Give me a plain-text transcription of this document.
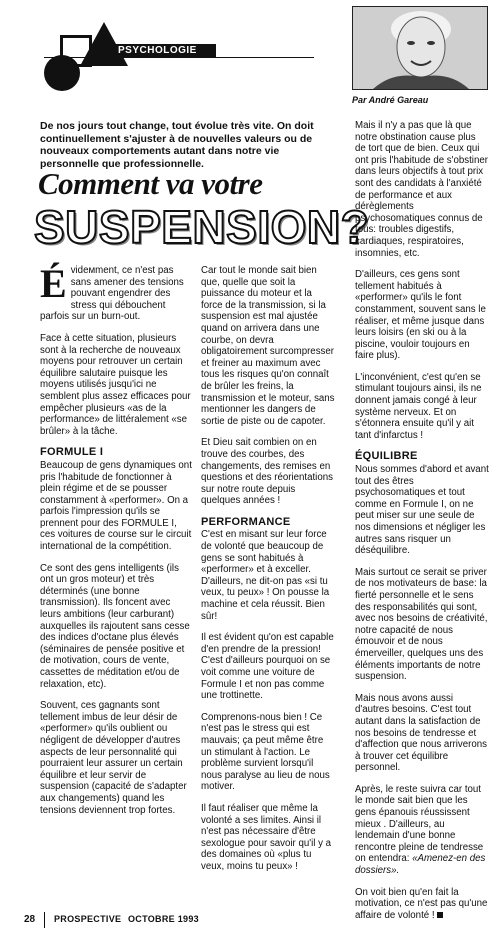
PSYCHOLOGIE
Par André Gareau
De nos jours tout change, tout évolue très vite. On doit continuellement s'ajuster à de nouvelles valeurs ou de nouveaux comportements autant dans notre vie personnelle que professionnelle.
Comment va votre
SUSPENSION?

Évidемment, ce n'est pas sans amener des tensions pouvant engendrer des stress qui débouchent parfois sur un burn-out.

Face à cette situation, plusieurs sont à la recherche de nouveaux moyens pour retrouver un certain équilibre salutaire puisque les moyens utilisés jusqu'ici ne semblent plus assez efficaces pour empêcher plusieurs «as de la performance» de littéralement «se brûler» à la tâche.

FORMULE I

Beaucoup de gens dynamiques ont pris l'habitude de fonctionner à plein régime et de se pousser constamment à «performer». On a parfois l'impression qu'ils se prennent pour des FORMULE I, ces voitures de course sur le circuit international de la compétition.

Ce sont des gens intelligents (ils ont un gros moteur) et très déterminés (une bonne transmission). Ils foncent avec leurs ambitions (leur carburant) auxquelles ils rajoutent sans cesse des indices d'octane plus élevés (séminaires de pensée positive et de motivation, cours de vente, cassettes de méditation et/ou de relaxation, etc).

Souvent, ces gagnants sont tellement imbus de leur désir de «performer» qu'ils oublient ou négligent de développer d'autres aspects de leur personnalité qui pourraient leur assurer un certain équilibre et leur servir de suspension (capacité de s'adapter aux changements) quand les tensions deviennent trop fortes.

Car tout le monde sait bien que, quelle que soit la puissance du moteur et la force de la transmission, si la suspension est mal ajustée quand on arrivera dans une courbe, on devra obligatoirement surcompresser et freiner au maximum avec tous les risques qu'on connaît de brûler les freins, la transmission et le moteur, sans mentionner les dangers de sortie de piste ou de capoter.

Et Dieu sait combien on en trouve des courbes, des changements, des remises en questions et des réorientations sur notre route depuis quelques années !

PERFORMANCE

C'est en misant sur leur force de volonté que beaucoup de gens se sont habitués à «performer» et à exceller. D'ailleurs, ne dit-on pas «si tu veux, tu peux» ! On pousse la machine et cela réussit. Bien sûr!

Il est évident qu'on est capable d'en prendre de la pression! C'est d'ailleurs pourquoi on se voit comme une voiture de Formule I et non pas comme une trottinette.

Comprenons-nous bien ! Ce n'est pas le stress qui est mauvais; ça peut même être un stimulant à l'action. Le problème survient lorsqu'il nous paralyse au lieu de nous motiver.

Il faut réaliser que même la volonté a ses limites. Ainsi il n'est pas nécessaire d'être sexologue pour savoir qu'il y a des domaines où «plus tu veux, moins tu peux» !

Mais il n'y a pas que là que notre obstination cause plus de tort que de bien. Ceux qui ont pris l'habitude de s'obstiner dans leurs objectifs à tout prix sont des candidats à l'anxiété de performance et aux dérèglements psychosomatiques connus de tous: troubles digestifs, cardiaques, respiratoires, insomnies, etc.

D'ailleurs, ces gens sont tellement habitués à «performer» qu'ils le font constamment, souvent sans le réaliser, et même jusque dans leurs loisirs (en ski ou à la piscine, vouloir toujours en faire plus).

L'inconvénient, c'est qu'en se stimulant toujours ainsi, ils ne donnent jamais congé à leur système nerveux. Et on s'étonnera ensuite qu'il y ait tant d'infarctus !

ÉQUILIBRE

Nous sommes d'abord et avant tout des êtres psychosomatiques et tout comme en Formule I, on ne peut miser sur une seule de nos dimensions et négliger les autres sans risquer un déséquilibre.

Mais surtout ce serait se priver de nos motivateurs de base: la fierté personnelle et le sens des responsabilités qui sont, avec nos besoins de créativité, notre capacité de nous émouvoir et de nous émerveiller, quelques uns des éléments importants de notre suspension.

Mais nous avons aussi d'autres besoins. C'est tout autant dans la satisfaction de nos besoins de tendresse et d'affection que nous arriverons à trouver cet équilibre personnel.

Après, le reste suivra car tout le monde sait bien que les gens épanouis réussissent mieux . D'ailleurs, au lendemain d'une bonne rencontre pleine de tendresse on entendra: «Amenez-en des dossiers».

On voit bien qu'en fait la motivation, ce n'est pas qu'une affaire de volonté !

28 PROSPECTIVE OCTOBRE 1993
